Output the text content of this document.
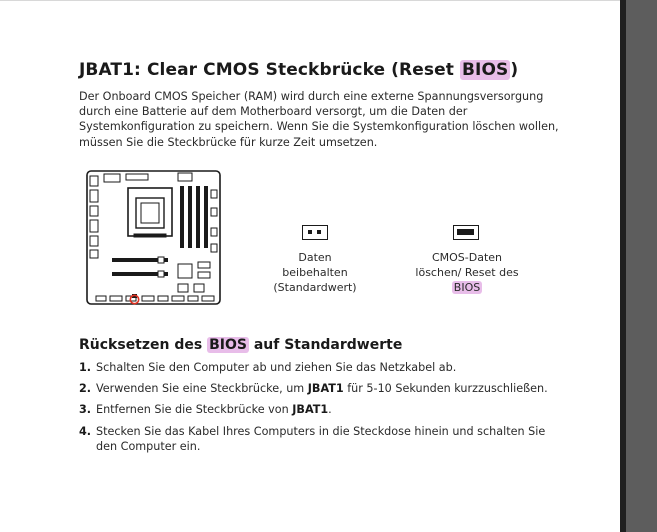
JBAT1: Clear CMOS Steckbrücke (Reset BIOS )

Der Onboard CMOS Speicher (RAM) wird durch eine externe Spannungsversorgung durch eine Batterie auf dem Motherboard versorgt, um die Daten der Systemkonfiguration zu speichern. Wenn Sie die Systemkonfiguration löschen wollen, müssen Sie die Steckbrücke für kurze Zeit umsetzen.

Daten
beibehalten
(Standardwert)
CMOS-Daten
löschen/ Reset des
BIOS
Rücksetzen des BIOS auf Standardwerte
1. Schalten Sie den Computer ab und ziehen Sie das Netzkabel ab.
2. Verwenden Sie eine Steckbrücke, um JBAT1 für 5-10 Sekunden kurzzuschließen.
3. Entfernen Sie die Steckbrücke von JBAT1.
4. Stecken Sie das Kabel Ihres Computers in die Steckdose hinein und schalten Sie den Computer ein.
